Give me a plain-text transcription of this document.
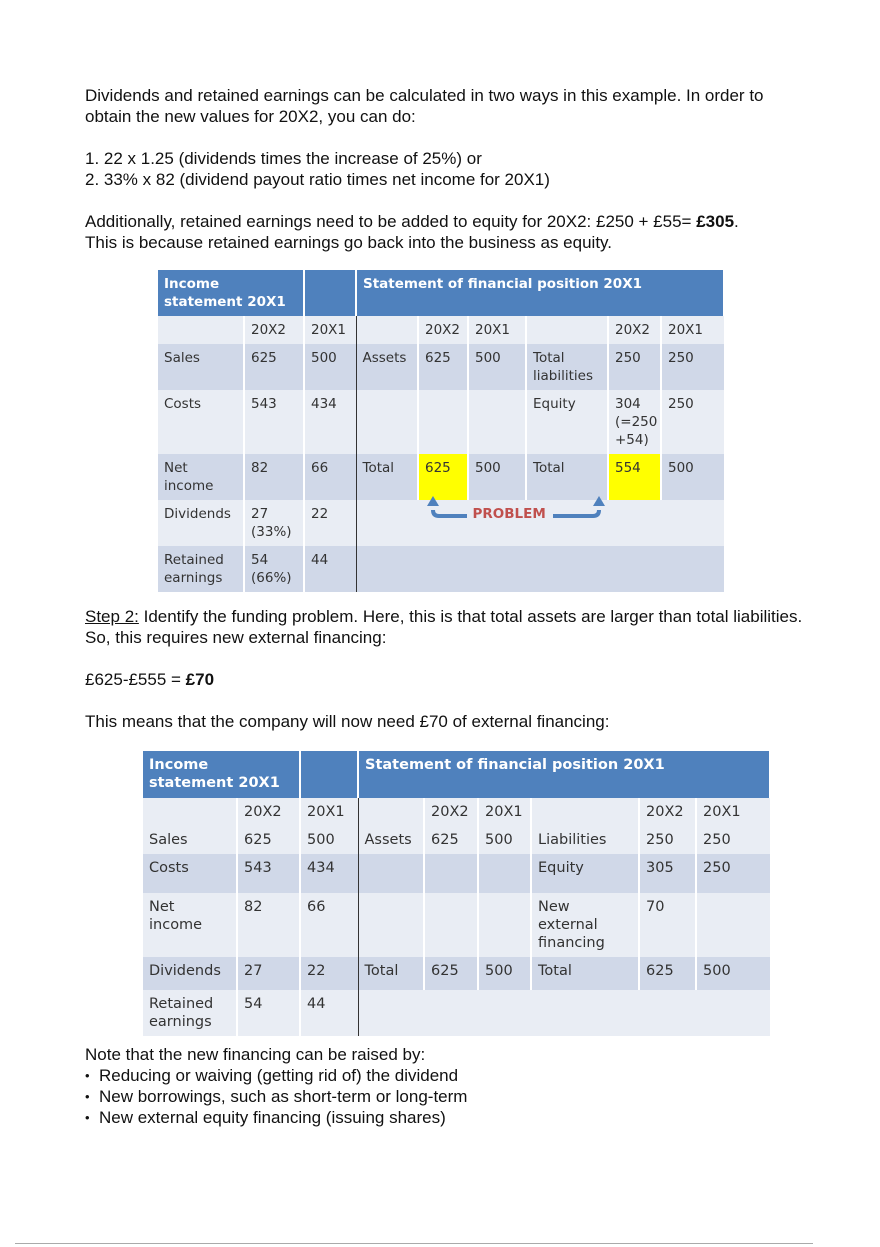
Dividends and retained earnings can be calculated in two ways in this example. In order to obtain the new values for 20X2, you can do:

1. 22 x 1.25 (dividends times the increase of 25%) or

2. 33% x 82 (dividend payout ratio times net income for 20X1)

Additionally, retained earnings need to be added to equity for 20X2: £250 + £55= £305.

This is because retained earnings go back into the business as equity.

Income statement 20X1			Statement of financial position 20X1					
	20X2	20X1		20X2	20X1		20X2	20X1
Sales	625	500	Assets	625	500	Total liabilities	250	250
Costs	543	434				Equity	304 (=250 +54)	250
Net income	82	66	Total	625	500	Total	554	500
Dividends	27 (33%)	22	PROBLEM					

Retained earnings	54 (66%)	44						

Step 2: Identify the funding problem. Here, this is that total assets are larger than total liabilities. So, this requires new external financing:

£625-£555 = £70

This means that the company will now need £70 of external financing:

Income statement 20X1			Statement of financial position 20X1					
	20X2	20X1		20X2	20X1		20X2	20X1
Sales	625	500	Assets	625	500	Liabilities	250	250
Costs	543	434				Equity	305	250
Net income	82	66				New external financing	70	
Dividends	27	22	Total	625	500	Total	625	500
Retained earnings	54	44						

Note that the new financing can be raised by:

• Reducing or waiving (getting rid of) the dividend
• New borrowings, such as short-term or long-term
• New external equity financing (issuing shares)
